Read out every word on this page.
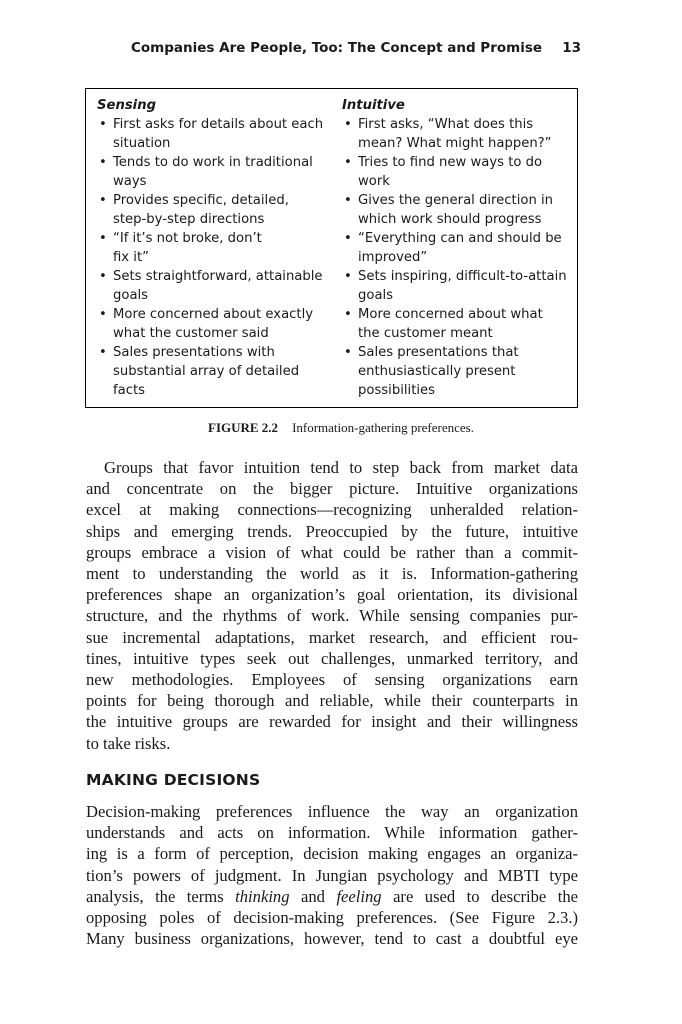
Companies Are People, Too: The Concept and Promise 13
Sensing
• First asks for details about each
situation
• Tends to do work in traditional
ways
• Provides specific, detailed,
step-by-step directions
• “If it’s not broke, don’t
fix it”
• Sets straightforward, attainable
goals
• More concerned about exactly
what the customer said
• Sales presentations with
substantial array of detailed
facts
Intuitive
• First asks, “What does this
mean? What might happen?”
• Tries to find new ways to do
work
• Gives the general direction in
which work should progress
• “Everything can and should be
improved”
• Sets inspiring, difficult-to-attain
goals
• More concerned about what
the customer meant
• Sales presentations that
enthusiastically present
possibilities
FIGURE 2.2 Information-gathering preferences.
Groups that favor intuition tend to step back from market data
and concentrate on the bigger picture. Intuitive organizations
excel at making connections—recognizing unheralded relation-
ships and emerging trends. Preoccupied by the future, intuitive
groups embrace a vision of what could be rather than a commit-
ment to understanding the world as it is. Information-gathering
preferences shape an organization’s goal orientation, its divisional
structure, and the rhythms of work. While sensing companies pur-
sue incremental adaptations, market research, and efficient rou-
tines, intuitive types seek out challenges, unmarked territory, and
new methodologies. Employees of sensing organizations earn
points for being thorough and reliable, while their counterparts in
the intuitive groups are rewarded for insight and their willingness
to take risks.
MAKING DECISIONS
Decision-making preferences influence the way an organization
understands and acts on information. While information gather-
ing is a form of perception, decision making engages an organiza-
tion’s powers of judgment. In Jungian psychology and MBTI type
analysis, the terms thinking and feeling are used to describe the
opposing poles of decision-making preferences. (See Figure 2.3.)
Many business organizations, however, tend to cast a doubtful eye
